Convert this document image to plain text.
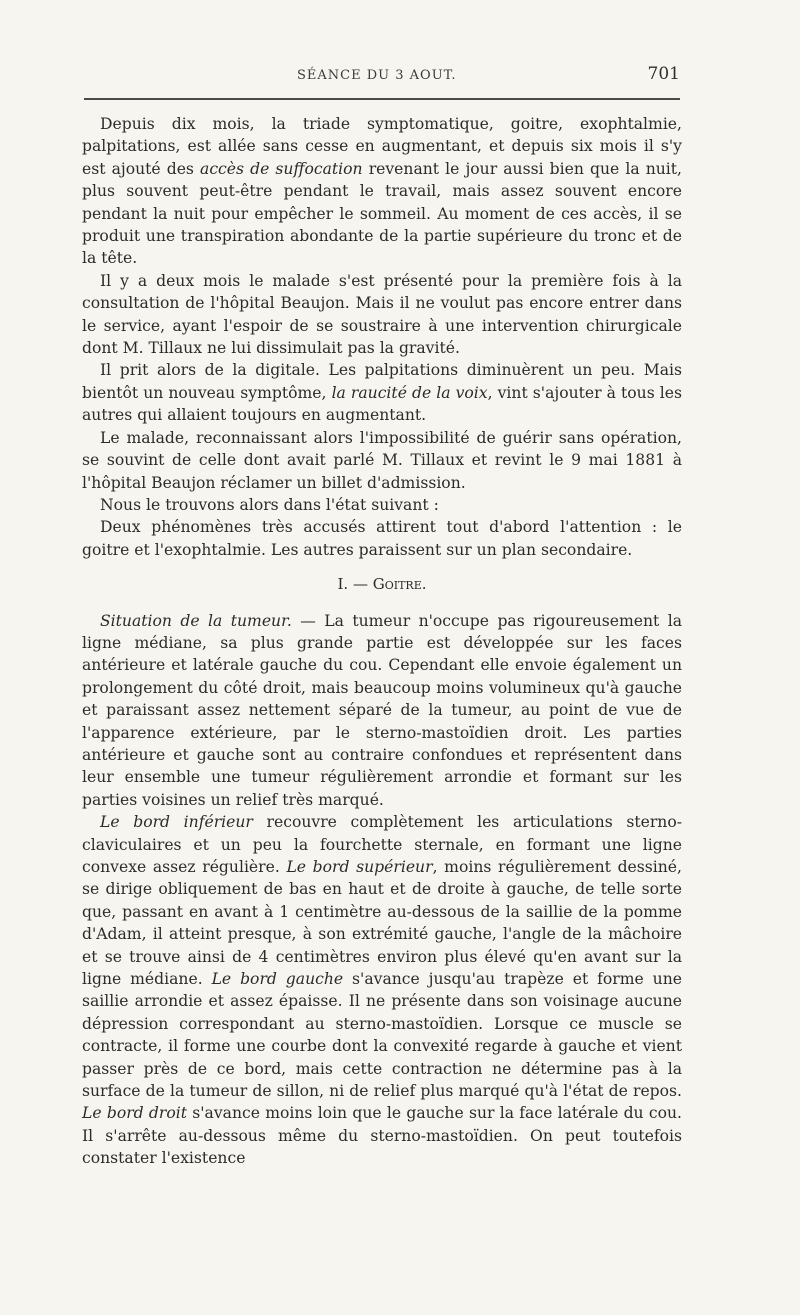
SÉANCE DU 3 AOUT.	701

Depuis dix mois, la triade symptomatique, goitre, exophtalmie, palpitations, est allée sans cesse en augmentant, et depuis six mois il s'y est ajouté des accès de suffocation revenant le jour aussi bien que la nuit, plus souvent peut-être pendant le travail, mais assez souvent encore pendant la nuit pour empêcher le sommeil. Au moment de ces accès, il se produit une transpiration abondante de la partie supérieure du tronc et de la tête.

Il y a deux mois le malade s'est présenté pour la première fois à la consultation de l'hôpital Beaujon. Mais il ne voulut pas encore entrer dans le service, ayant l'espoir de se soustraire à une intervention chirurgicale dont M. Tillaux ne lui dissimulait pas la gravité.

Il prit alors de la digitale. Les palpitations diminuèrent un peu. Mais bientôt un nouveau symptôme, la raucité de la voix, vint s'ajouter à tous les autres qui allaient toujours en augmentant.

Le malade, reconnaissant alors l'impossibilité de guérir sans opération, se souvint de celle dont avait parlé M. Tillaux et revint le 9 mai 1881 à l'hôpital Beaujon réclamer un billet d'admission.

Nous le trouvons alors dans l'état suivant :

Deux phénomènes très accusés attirent tout d'abord l'attention : le goitre et l'exophtalmie. Les autres paraissent sur un plan secondaire.

I. — Goitre.

Situation de la tumeur. — La tumeur n'occupe pas rigoureusement la ligne médiane, sa plus grande partie est développée sur les faces antérieure et latérale gauche du cou. Cependant elle envoie également un prolongement du côté droit, mais beaucoup moins volumineux qu'à gauche et paraissant assez nettement séparé de la tumeur, au point de vue de l'apparence extérieure, par le sterno-mastoïdien droit. Les parties antérieure et gauche sont au contraire confondues et représentent dans leur ensemble une tumeur régulièrement arrondie et formant sur les parties voisines un relief très marqué.

Le bord inférieur recouvre complètement les articulations sterno-claviculaires et un peu la fourchette sternale, en formant une ligne convexe assez régulière. Le bord supérieur, moins régulièrement dessiné, se dirige obliquement de bas en haut et de droite à gauche, de telle sorte que, passant en avant à 1 centimètre au-dessous de la saillie de la pomme d'Adam, il atteint presque, à son extrémité gauche, l'angle de la mâchoire et se trouve ainsi de 4 centimètres environ plus élevé qu'en avant sur la ligne médiane. Le bord gauche s'avance jusqu'au trapèze et forme une saillie arrondie et assez épaisse. Il ne présente dans son voisinage aucune dépression correspondant au sterno-mastoïdien. Lorsque ce muscle se contracte, il forme une courbe dont la convexité regarde à gauche et vient passer près de ce bord, mais cette contraction ne détermine pas à la surface de la tumeur de sillon, ni de relief plus marqué qu'à l'état de repos. Le bord droit s'avance moins loin que le gauche sur la face latérale du cou. Il s'arrête au-dessous même du sterno-mastoïdien. On peut toutefois constater l'existence
